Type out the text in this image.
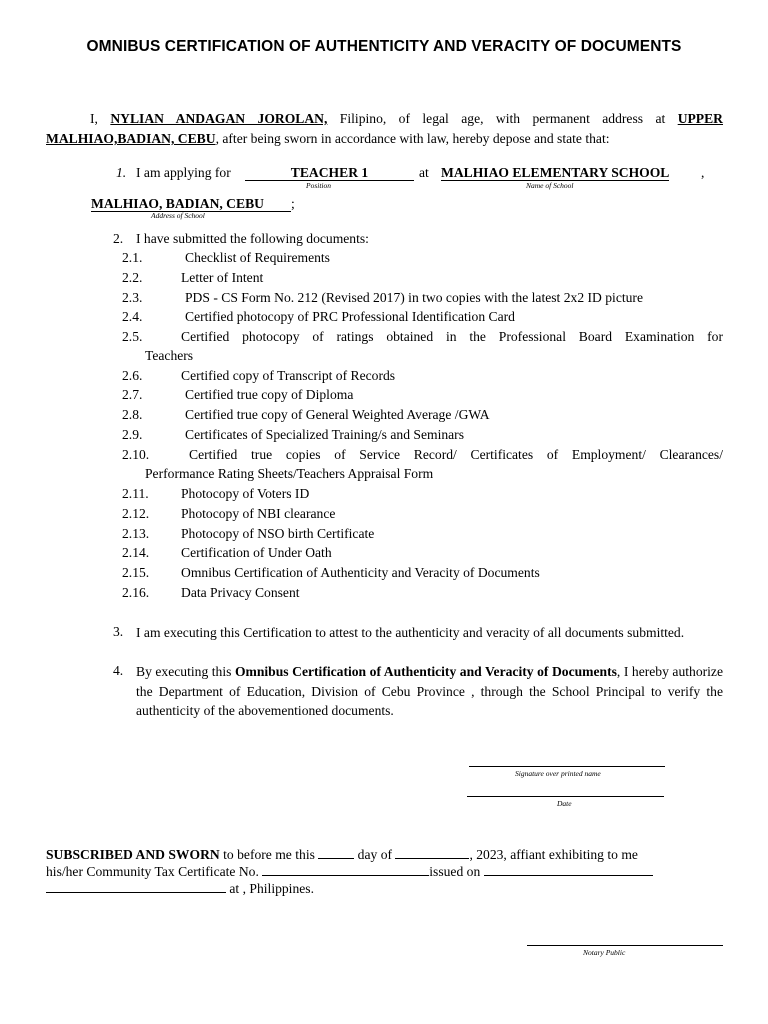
OMNIBUS CERTIFICATION OF AUTHENTICITY AND VERACITY OF DOCUMENTS
I, NYLIAN ANDAGAN JOROLAN, Filipino, of legal age, with permanent address at UPPER MALHIAO,BADIAN, CEBU, after being sworn in accordance with law, hereby depose and state that:
1. I am applying for	TEACHER 1
Position
at MALHIAO ELEMENTARY SCHOOL ,
Name of School
MALHIAO, BADIAN, CEBU	;
Address of School
2. I have submitted the following documents:
2.1.	Checklist of Requirements
2.2.	Letter of Intent
2.3.	PDS - CS Form No. 212 (Revised 2017) in two copies with the latest 2x2 ID picture
2.4.	Certified photocopy of PRC Professional Identification Card
2.5.	Certified photocopy of ratings obtained in the Professional Board Examination for
Teachers
2.6.	Certified copy of Transcript of Records
2.7.	Certified true copy of Diploma
2.8.	Certified true copy of General Weighted Average /GWA
2.9.	Certificates of Specialized Training/s and Seminars
2.10.	Certified true copies of Service Record/ Certificates of Employment/ Clearances/
Performance Rating Sheets/Teachers Appraisal Form
2.11. Photocopy of Voters ID
2.12. Photocopy of NBI clearance
2.13. Photocopy of NSO birth Certificate
2.14. Certification of Under Oath
2.15. Omnibus Certification of Authenticity and Veracity of Documents
2.16. Data Privacy Consent
3. I am executing this Certification to attest to the authenticity and veracity of all documents submitted.
4. By executing this Omnibus Certification of Authenticity and Veracity of Documents, I hereby authorize the Department of Education, Division of Cebu Province , through the School Principal to verify the authenticity of the abovementioned documents.
Signature over printed name
Date
SUBSCRIBED AND SWORN to before me this	day of	, 2023, affiant exhibiting to me
his/her Community Tax Certificate No.	issued on
at , Philippines.
Notary Public
